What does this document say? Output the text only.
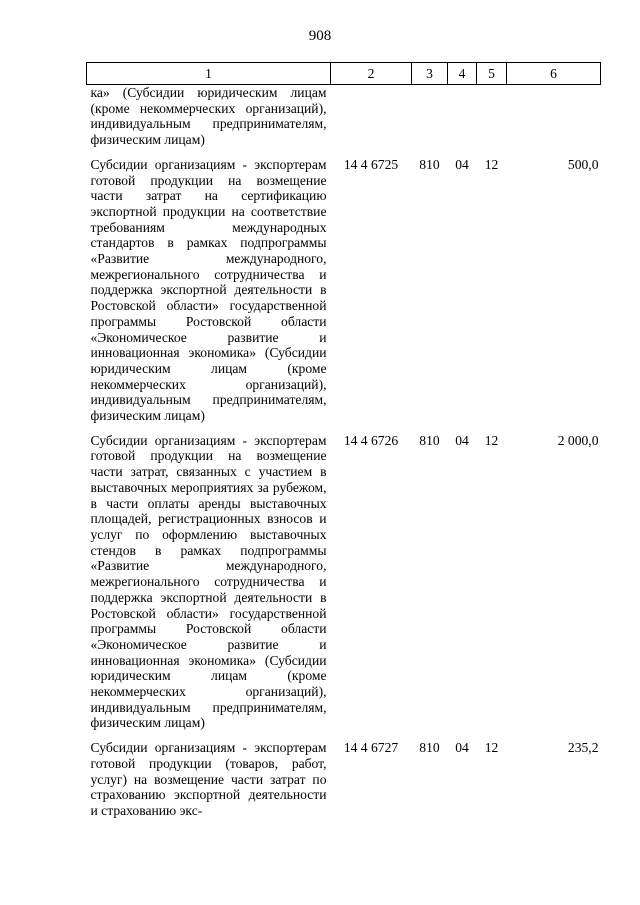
908
1	2	3	4	5	6
ка» (Субсидии юридическим лицам (кроме некоммерческих организаций), индивидуальным предпринимателям, физическим лицам)					

Субсидии организациям - экспортерам готовой продукции на возмещение части затрат на сертификацию экспортной продукции на соответствие требованиям международных стандартов в рамках подпрограммы «Развитие международного, межрегионального сотрудничества и поддержка экспортной деятельности в Ростовской области» государственной программы Ростовской области «Экономическое развитие и инновационная экономика» (Субсидии юридическим лицам (кроме некоммерческих организаций), индивидуальным предпринимателям, физическим лицам)	14 4 6725	810	04	12	500,0

Субсидии организациям - экспортерам готовой продукции на возмещение части затрат, связанных с участием в выставочных мероприятиях за рубежом, в части оплаты аренды выставочных площадей, регистрационных взносов и услуг по оформлению выставочных стендов в рамках подпрограммы «Развитие международного, межрегионального сотрудничества и поддержка экспортной деятельности в Ростовской области» государственной программы Ростовской области «Экономическое развитие и инновационная экономика» (Субсидии юридическим лицам (кроме некоммерческих организаций), индивидуальным предпринимателям, физическим лицам)	14 4 6726	810	04	12	2 000,0

Субсидии организациям - экспортерам готовой продукции (товаров, работ, услуг) на возмещение части затрат по страхованию экспортной деятельности и страхованию экс-	14 4 6727	810	04	12	235,2
